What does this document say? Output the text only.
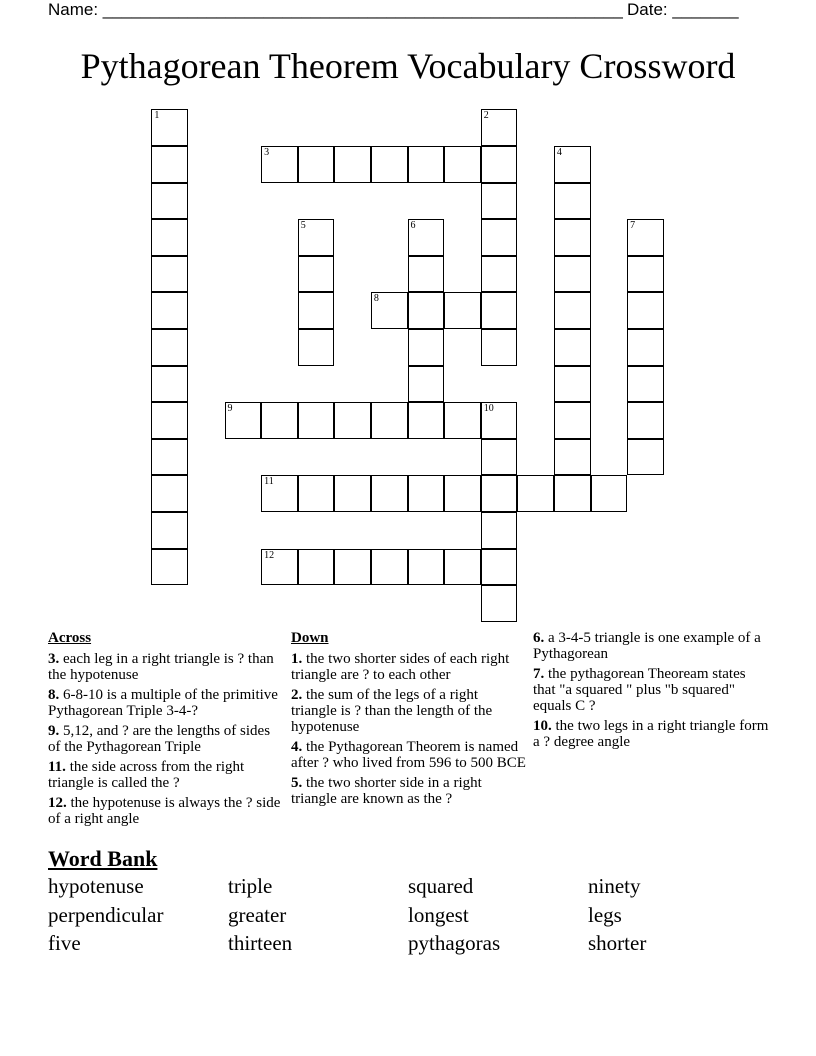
Name: _______________________________________________________ Date: _______
Pythagorean Theorem Vocabulary Crossword
1	2
3	4
5	6	7
8
9	10
11
12
Across
3. each leg in a right triangle is ? than the hypotenuse
8. 6-8-10 is a multiple of the primitive Pythagorean Triple 3-4-?
9. 5,12, and ? are the lengths of sides of the Pythagorean Triple
11. the side across from the right triangle is called the ?
12. the hypotenuse is always the ? side of a right angle
Down
1. the two shorter sides of each right triangle are ? to each other
2. the sum of the legs of a right triangle is ? than the length of the hypotenuse
4. the Pythagorean Theorem is named after ? who lived from 596 to 500 BCE
5. the two shorter side in a right triangle are known as the ?
6. a 3-4-5 triangle is one example of a Pythagorean
7. the pythagorean Theoream states that "a squared " plus "b squared" equals C ?
10. the two legs in a right triangle form a ? degree angle
Word Bank
hypotenuse	triple	squared	ninety
perpendicular	greater	longest	legs
five	thirteen	pythagoras	shorter
